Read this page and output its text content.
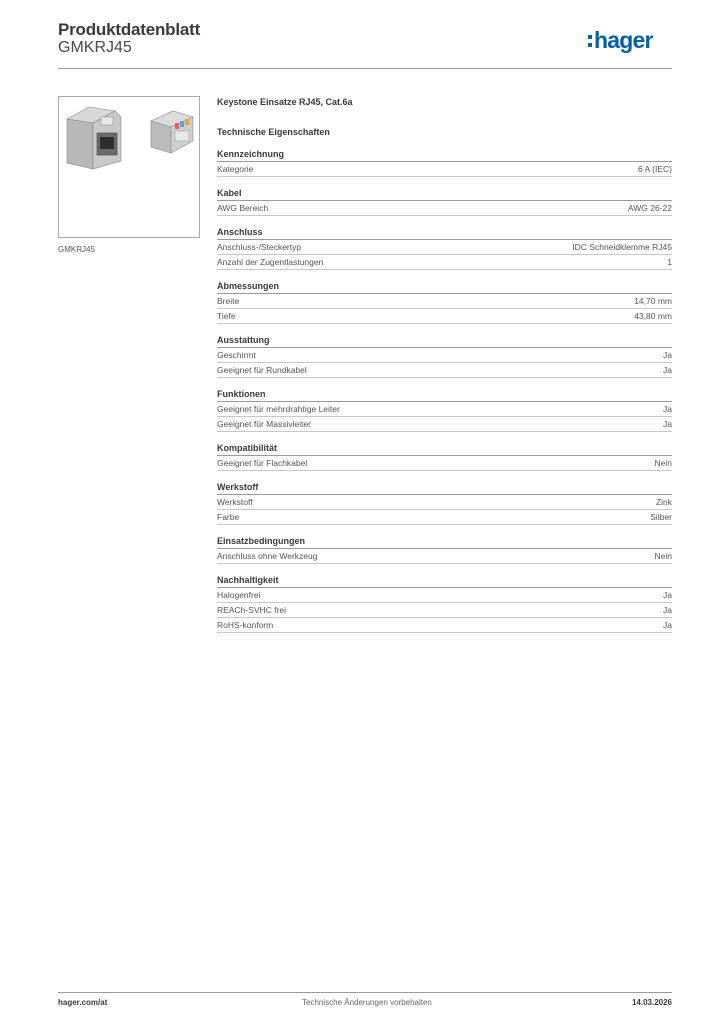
Produktdatenblatt
GMKRJ45	hager
GMKRJ45
Keystone Einsatze RJ45, Cat.6a
Technische Eigenschaften
Kennzeichnung
Kategorie	6 A (IEC)
Kabel
AWG Bereich	AWG 26-22
Anschluss
Anschluss-/Steckertyp	IDC Schneidklemme RJ45
Anzahl der Zugentlastungen	1
Abmessungen
Breite	14,70 mm
Tiefe	43,80 mm
Ausstattung
Geschirmt	Ja
Geeignet für Rundkabel	Ja
Funktionen
Geeignet für mehrdrahtige Leiter	Ja
Geeignet für Massivleiter	Ja
Kompatibilität
Geeignet für Flachkabel	Nein
Werkstoff
Werkstoff	Zink
Farbe	Silber
Einsatzbedingungen
Anschluss ohne Werkzeug	Nein
Nachhaltigkeit
Halogenfrei	Ja
REACh-SVHC frei	Ja
RoHS-konform	Ja
hager.com/at	Technische Änderungen vorbehalten	14.03.2026
